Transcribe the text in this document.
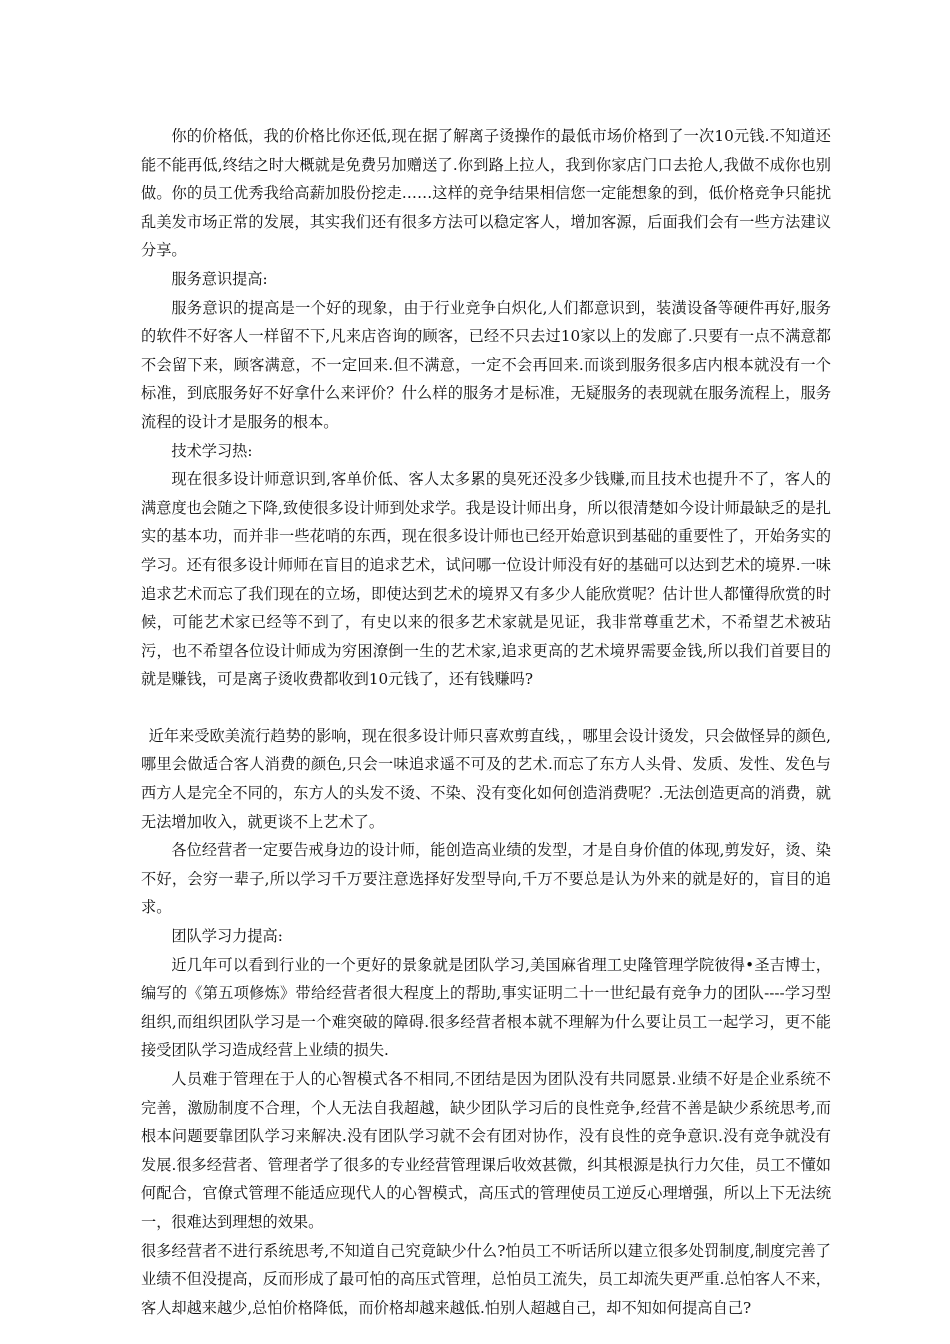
你的价格低，我的价格比你还低,现在据了解离子烫操作的最低市场价格到了一次10元钱.不知道还能不能再低,终结之时大概就是免费另加赠送了.你到路上拉人，我到你家店门口去抢人,我做不成你也别做。你的员工优秀我给高薪加股份挖走……这样的竞争结果相信您一定能想象的到，低价格竞争只能扰乱美发市场正常的发展，其实我们还有很多方法可以稳定客人，增加客源，后面我们会有一些方法建议分享。

服务意识提高:

服务意识的提高是一个好的现象，由于行业竞争白炽化,人们都意识到，装潢设备等硬件再好,服务的软件不好客人一样留不下,凡来店咨询的顾客，已经不只去过10家以上的发廊了.只要有一点不满意都不会留下来，顾客满意，不一定回来.但不满意，一定不会再回来.而谈到服务很多店内根本就没有一个标准，到底服务好不好拿什么来评价？什么样的服务才是标准，无疑服务的表现就在服务流程上，服务流程的设计才是服务的根本。

技术学习热:

现在很多设计师意识到,客单价低、客人太多累的臭死还没多少钱赚,而且技术也提升不了，客人的满意度也会随之下降,致使很多设计师到处求学。我是设计师出身，所以很清楚如今设计师最缺乏的是扎实的基本功，而并非一些花哨的东西，现在很多设计师也已经开始意识到基础的重要性了，开始务实的学习。还有很多设计师师在盲目的追求艺术，试问哪一位设计师没有好的基础可以达到艺术的境界.一味追求艺术而忘了我们现在的立场，即使达到艺术的境界又有多少人能欣赏呢？估计世人都懂得欣赏的时候，可能艺术家已经等不到了，有史以来的很多艺术家就是见证，我非常尊重艺术，不希望艺术被玷污，也不希望各位设计师成为穷困潦倒一生的艺术家,追求更高的艺术境界需要金钱,所以我们首要目的就是赚钱，可是离子烫收费都收到10元钱了，还有钱赚吗?

近年来受欧美流行趋势的影响，现在很多设计师只喜欢剪直线，，哪里会设计烫发，只会做怪异的颜色,哪里会做适合客人消费的颜色,只会一味追求遥不可及的艺术.而忘了东方人头骨、发质、发性、发色与西方人是完全不同的，东方人的头发不烫、不染、没有变化如何创造消费呢？.无法创造更高的消费，就无法增加收入，就更谈不上艺术了。

各位经营者一定要告戒身边的设计师，能创造高业绩的发型，才是自身价值的体现,剪发好，烫、染不好，会穷一辈子,所以学习千万要注意选择好发型导向,千万不要总是认为外来的就是好的，盲目的追求。

团队学习力提高:

近几年可以看到行业的一个更好的景象就是团队学习,美国麻省理工史隆管理学院彼得•圣吉博士，编写的《第五项修炼》带给经营者很大程度上的帮助,事实证明二十一世纪最有竞争力的团队----学习型组织,而组织团队学习是一个难突破的障碍.很多经营者根本就不理解为什么要让员工一起学习，更不能接受团队学习造成经营上业绩的损失.

人员难于管理在于人的心智模式各不相同,不团结是因为团队没有共同愿景.业绩不好是企业系统不完善，激励制度不合理，个人无法自我超越，缺少团队学习后的良性竞争,经营不善是缺少系统思考,而根本问题要靠团队学习来解决.没有团队学习就不会有团对协作，没有良性的竞争意识.没有竞争就没有发展.很多经营者、管理者学了很多的专业经营管理课后收效甚微，纠其根源是执行力欠佳，员工不懂如何配合，官僚式管理不能适应现代人的心智模式，高压式的管理使员工逆反心理增强，所以上下无法统一，很难达到理想的效果。

很多经营者不进行系统思考,不知道自己究竟缺少什么?怕员工不听话所以建立很多处罚制度,制度完善了业绩不但没提高，反而形成了最可怕的高压式管理，总怕员工流失，员工却流失更严重.总怕客人不来，客人却越来越少,总怕价格降低，而价格却越来越低.怕别人超越自己，却不知如何提高自己?
